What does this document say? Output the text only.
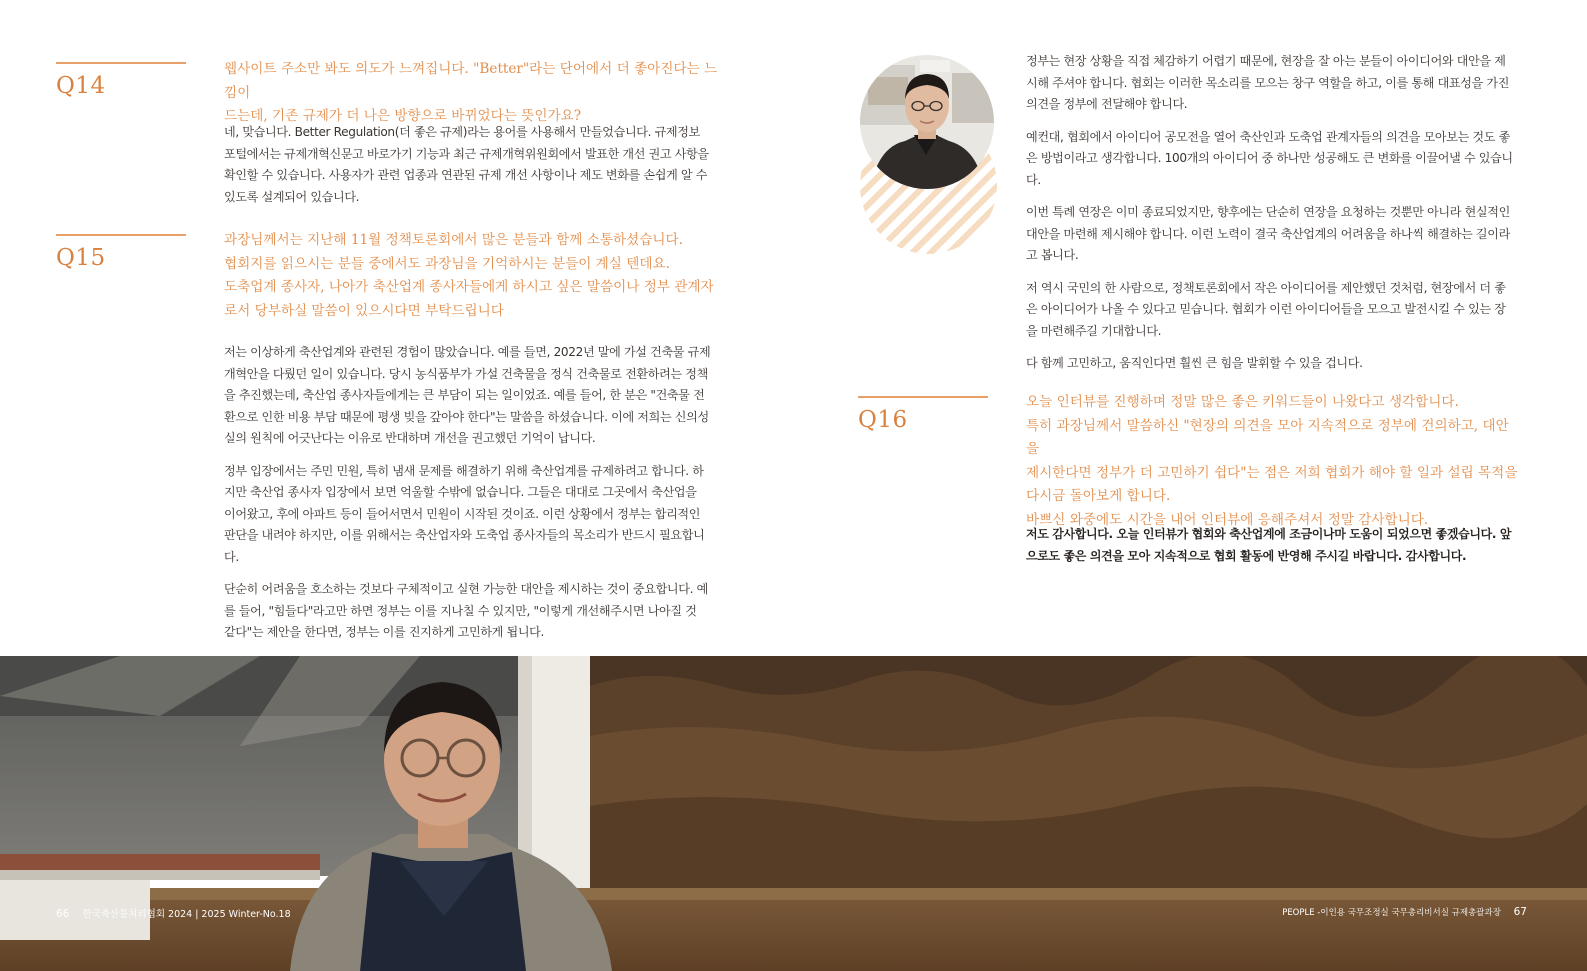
Q14
웹사이트 주소만 봐도 의도가 느껴집니다. "Better"라는 단어에서 더 좋아진다는 느낌이
드는데, 기존 규제가 더 나은 방향으로 바뀌었다는 뜻인가요?

네, 맞습니다. Better Regulation(더 좋은 규제)라는 용어를 사용해서 만들었습니다. 규제정보 포털에서는 규제개혁신문고 바로가기 기능과 최근 규제개혁위원회에서 발표한 개선 권고 사항을 확인할 수 있습니다. 사용자가 관련 업종과 연관된 규제 개선 사항이나 제도 변화를 손쉽게 알 수 있도록 설계되어 있습니다.

Q15
과장님께서는 지난해 11월 정책토론회에서 많은 분들과 함께 소통하셨습니다.
협회지를 읽으시는 분들 중에서도 과장님을 기억하시는 분들이 계실 텐데요.
도축업계 종사자, 나아가 축산업계 종사자들에게 하시고 싶은 말씀이나 정부 관계자
로서 당부하실 말씀이 있으시다면 부탁드립니다

저는 이상하게 축산업계와 관련된 경험이 많았습니다. 예를 들면, 2022년 말에 가설 건축물 규제 개혁안을 다뤘던 일이 있습니다. 당시 농식품부가 가설 건축물을 정식 건축물로 전환하려는 정책을 추진했는데, 축산업 종사자들에게는 큰 부담이 되는 일이었죠. 예를 들어, 한 분은 "건축물 전환으로 인한 비용 부담 때문에 평생 빚을 갚아야 한다"는 말씀을 하셨습니다. 이에 저희는 신의성실의 원칙에 어긋난다는 이유로 반대하며 개선을 권고했던 기억이 납니다.

정부 입장에서는 주민 민원, 특히 냄새 문제를 해결하기 위해 축산업계를 규제하려고 합니다. 하지만 축산업 종사자 입장에서 보면 억울할 수밖에 없습니다. 그들은 대대로 그곳에서 축산업을 이어왔고, 후에 아파트 등이 들어서면서 민원이 시작된 것이죠. 이런 상황에서 정부는 합리적인 판단을 내려야 하지만, 이를 위해서는 축산업자와 도축업 종사자들의 목소리가 반드시 필요합니다.

단순히 어려움을 호소하는 것보다 구체적이고 실현 가능한 대안을 제시하는 것이 중요합니다. 예를 들어, "힘들다"라고만 하면 정부는 이를 지나칠 수 있지만, "이렇게 개선해주시면 나아질 것 같다"는 제안을 한다면, 정부는 이를 진지하게 고민하게 됩니다.

정부는 현장 상황을 직접 체감하기 어렵기 때문에, 현장을 잘 아는 분들이 아이디어와 대안을 제시해 주셔야 합니다. 협회는 이러한 목소리를 모으는 창구 역할을 하고, 이를 통해 대표성을 가진 의견을 정부에 전달해야 합니다.

예컨대, 협회에서 아이디어 공모전을 열어 축산인과 도축업 관계자들의 의견을 모아보는 것도 좋은 방법이라고 생각합니다. 100개의 아이디어 중 하나만 성공해도 큰 변화를 이끌어낼 수 있습니다.

이번 특례 연장은 이미 종료되었지만, 향후에는 단순히 연장을 요청하는 것뿐만 아니라 현실적인 대안을 마련해 제시해야 합니다. 이런 노력이 결국 축산업계의 어려움을 하나씩 해결하는 길이라고 봅니다.

저 역시 국민의 한 사람으로, 정책토론회에서 작은 아이디어를 제안했던 것처럼, 현장에서 더 좋은 아이디어가 나올 수 있다고 믿습니다. 협회가 이런 아이디어들을 모으고 발전시킬 수 있는 장을 마련해주길 기대합니다.

다 함께 고민하고, 움직인다면 훨씬 큰 힘을 발휘할 수 있을 겁니다.

Q16
오늘 인터뷰를 진행하며 정말 많은 좋은 키워드들이 나왔다고 생각합니다.
특히 과장님께서 말씀하신 "현장의 의견을 모아 지속적으로 정부에 건의하고, 대안을
제시한다면 정부가 더 고민하기 쉽다"는 점은 저희 협회가 해야 할 일과 설립 목적을
다시금 돌아보게 합니다.
바쁘신 와중에도 시간을 내어 인터뷰에 응해주셔서 정말 감사합니다.

저도 감사합니다. 오늘 인터뷰가 협회와 축산업계에 조금이나마 도움이 되었으면 좋겠습니다. 앞으로도 좋은 의견을 모아 지속적으로 협회 활동에 반영해 주시길 바랍니다. 감사합니다.

66 한국축산물처리협회 2024 | 2025 Winter-No.18	PEOPLE -이인용 국무조정실 국무총리비서실 규제총괄과장 67
